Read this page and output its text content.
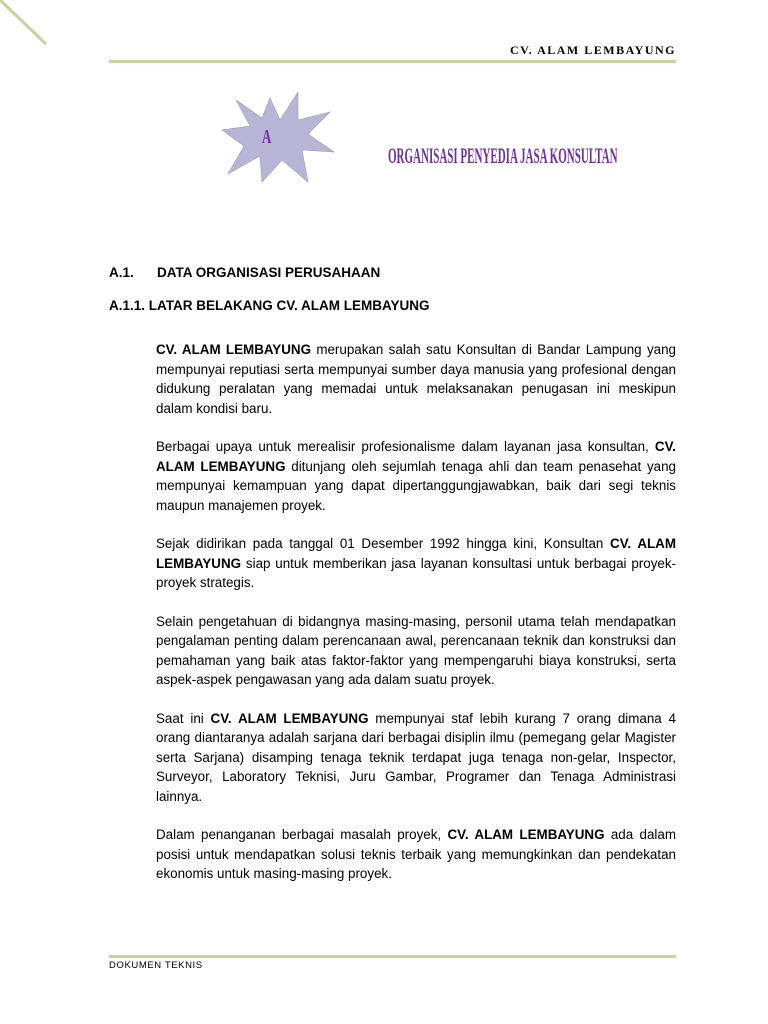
CV. ALAM LEMBAYUNG
A
ORGANISASI PENYEDIA JASA KONSULTAN
A.1. DATA ORGANISASI PERUSAHAAN
A.1.1. LATAR BELAKANG CV. ALAM LEMBAYUNG

CV. ALAM LEMBAYUNG merupakan salah satu Konsultan di Bandar Lampung yang mempunyai reputiasi serta mempunyai sumber daya manusia yang profesional dengan didukung peralatan yang memadai untuk melaksanakan penugasan ini meskipun dalam kondisi baru.

Berbagai upaya untuk merealisir profesionalisme dalam layanan jasa konsultan, CV. ALAM LEMBAYUNG ditunjang oleh sejumlah tenaga ahli dan team penasehat yang mempunyai kemampuan yang dapat dipertanggungjawabkan, baik dari segi teknis maupun manajemen proyek.

Sejak didirikan pada tanggal 01 Desember 1992 hingga kini, Konsultan CV. ALAM LEMBAYUNG siap untuk memberikan jasa layanan konsultasi untuk berbagai proyek-proyek strategis.

Selain pengetahuan di bidangnya masing-masing, personil utama telah mendapatkan pengalaman penting dalam perencanaan awal, perencanaan teknik dan konstruksi dan pemahaman yang baik atas faktor-faktor yang mempengaruhi biaya konstruksi, serta aspek-aspek pengawasan yang ada dalam suatu proyek.

Saat ini CV. ALAM LEMBAYUNG mempunyai staf lebih kurang 7 orang dimana 4 orang diantaranya adalah sarjana dari berbagai disiplin ilmu (pemegang gelar Magister serta Sarjana) disamping tenaga teknik terdapat juga tenaga non-gelar, Inspector, Surveyor, Laboratory Teknisi, Juru Gambar, Programer dan Tenaga Administrasi lainnya.

Dalam penanganan berbagai masalah proyek, CV. ALAM LEMBAYUNG ada dalam posisi untuk mendapatkan solusi teknis terbaik yang memungkinkan dan pendekatan ekonomis untuk masing-masing proyek.

DOKUMEN TEKNIS
